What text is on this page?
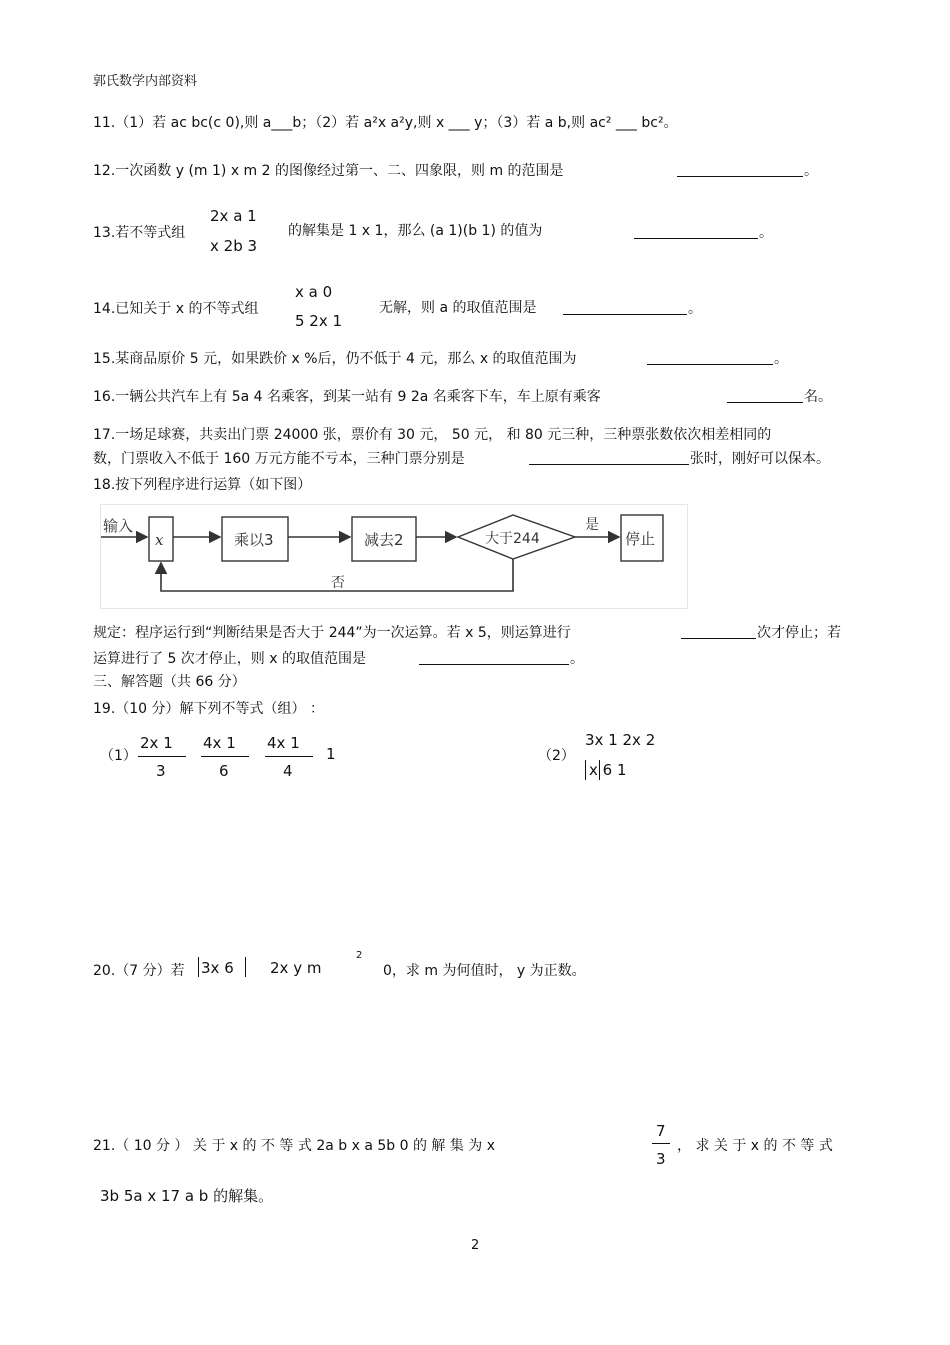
郭氏数学内部资料
11.（1）若 ac bc(c 0),则 a___b；（2）若 a²x a²y,则 x ___ y；（3）若 a b,则 ac² ___ bc²。
12.一次函数 y (m 1) x m 2 的图像经过第一、二、四象限，则 m 的范围是	。
13.若不等式组
2x a 1
x 2b 3
的解集是 1 x 1，那么 (a 1)(b 1) 的值为	。
14.已知关于 x 的不等式组
x a 0
5 2x 1
无解，则 a 的取值范围是	。
15.某商品原价 5 元，如果跌价 x %后，仍不低于 4 元，那么 x 的取值范围为	。
16.一辆公共汽车上有 5a 4 名乘客，到某一站有 9 2a 名乘客下车，车上原有乘客	名。
17.一场足球赛，共卖出门票 24000 张，票价有 30 元， 50 元， 和 80 元三种，三种票张数依次相差相同的
数，门票收入不低于 160 万元方能不亏本，三种门票分别是	张时，刚好可以保本。
18.按下列程序进行运算（如下图）
输入
x	乘以3	减去2	大于244
是
停止
否
规定：程序运行到“判断结果是否大于 244”为一次运算。若 x 5，则运算进行	次才停止；若
运算进行了 5 次才停止，则 x 的取值范围是	。
三、解答题（共 66 分）
19.（10 分）解下列不等式（组） ：
（1）
2x 1
3
4x 1
6
4x 1
4
1	（2）
3x 1 2x 2
x 6 1
20.（7 分）若 3x 6 2x y m
2
0，求 m 为何值时， y 为正数。
21.（ 10 分 ） 关 于 x 的 不 等 式 2a b x a 5b 0 的 解 集 为 x
7
3
， 求 关 于 x 的 不 等 式
3b 5a x 17 a b 的解集。
2
